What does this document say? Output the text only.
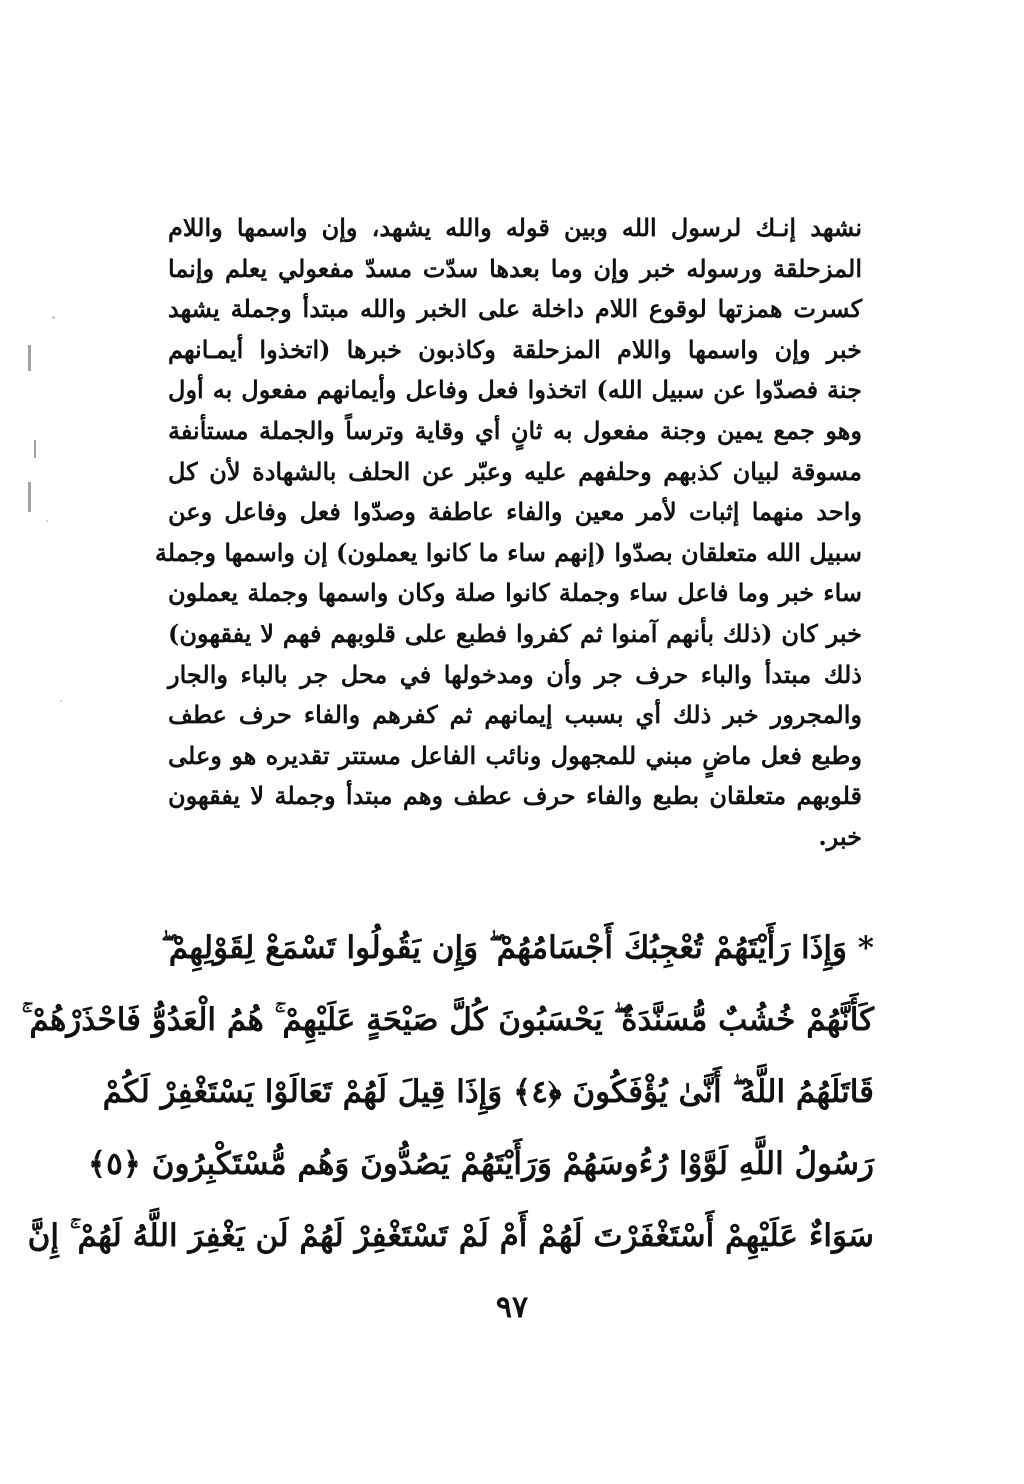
نشهد إنـك لرسول الله وبين قوله والله يشهد، وإن واسمها واللام
المزحلقة ورسوله خبر وإن وما بعدها سدّت مسدّ مفعولي يعلم وإنما
كسرت همزتها لوقوع اللام داخلة على الخبر والله مبتدأ وجملة يشهد
خبر وإن واسمها واللام المزحلقة وكاذبون خبرها (اتخذوا أيمـانهم
جنة فصدّوا عن سبيل الله) اتخذوا فعل وفاعل وأيمانهم مفعول به أول
وهو جمع يمين وجنة مفعول به ثانٍ أي وقاية وترساً والجملة مستأنفة
مسوقة لبيان كذبهم وحلفهم عليه وعبّر عن الحلف بالشهادة لأن كل
واحد منهما إثبات لأمر معين والفاء عاطفة وصدّوا فعل وفاعل وعن
سبيل الله متعلقان بصدّوا (إنهم ساء ما كانوا يعملون) إن واسمها وجملة
ساء خبر وما فاعل ساء وجملة كانوا صلة وكان واسمها وجملة يعملون
خبر كان (ذلك بأنهم آمنوا ثم كفروا فطبع على قلوبهم فهم لا يفقهون)
ذلك مبتدأ والباء حرف جر وأن ومدخولها في محل جر بالباء والجار
والمجرور خبر ذلك أي بسبب إيمانهم ثم كفرهم والفاء حرف عطف
وطبع فعل ماضٍ مبني للمجهول ونائب الفاعل مستتر تقديره هو وعلى
قلوبهم متعلقان بطبع والفاء حرف عطف وهم مبتدأ وجملة لا يفقهون
خبر.
* وَإِذَا رَأَيْتَهُمْ تُعْجِبُكَ أَجْسَامُهُمْ ۖ وَإِن يَقُولُوا تَسْمَعْ لِقَوْلِهِمْ ۖ
كَأَنَّهُمْ خُشُبٌ مُّسَنَّدَةٌ ۖ يَحْسَبُونَ كُلَّ صَيْحَةٍ عَلَيْهِمْ ۚ هُمُ الْعَدُوُّ فَاحْذَرْهُمْ ۚ
قَاتَلَهُمُ اللَّهُ ۖ أَنَّىٰ يُؤْفَكُونَ ﴿٤﴾ وَإِذَا قِيلَ لَهُمْ تَعَالَوْا يَسْتَغْفِرْ لَكُمْ
رَسُولُ اللَّهِ لَوَّوْا رُءُوسَهُمْ وَرَأَيْتَهُمْ يَصُدُّونَ وَهُم مُّسْتَكْبِرُونَ ﴿٥﴾
سَوَاءٌ عَلَيْهِمْ أَسْتَغْفَرْتَ لَهُمْ أَمْ لَمْ تَسْتَغْفِرْ لَهُمْ لَن يَغْفِرَ اللَّهُ لَهُمْ ۚ إِنَّ
٩٧
